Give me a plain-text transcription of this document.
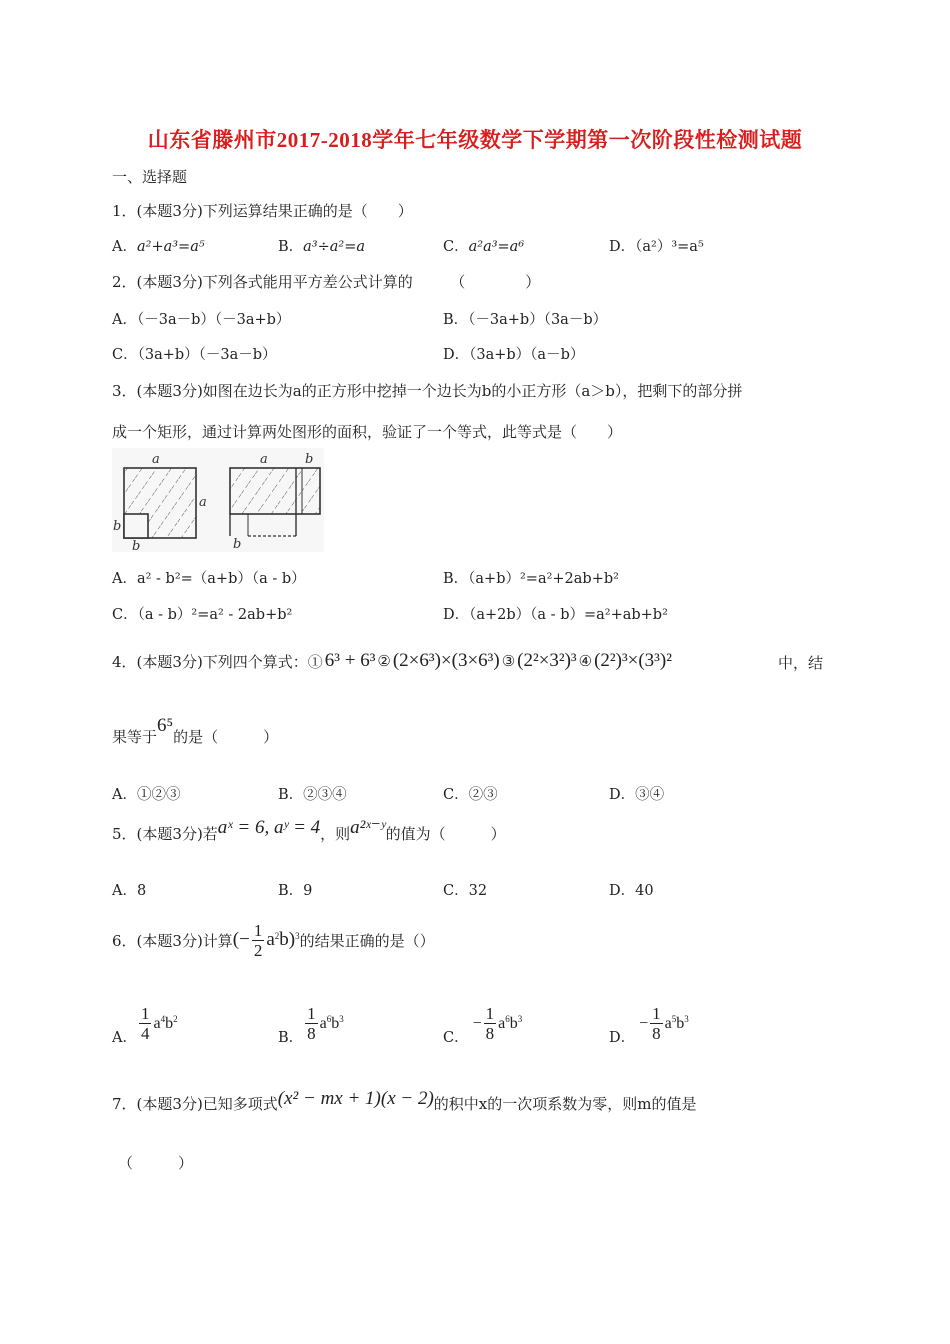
山东省滕州市2017-2018学年七年级数学下学期第一次阶段性检测试题
一、选择题
1．(本题3分)下列运算结果正确的是（　　）
A．a²+a³=a⁵	B．a³÷a²=a	C．a²a³=a⁶	D．（a²）³=a⁵
2．(本题3分)下列各式能用平方差公式计算的　　　（　　　　）
A．（－3a－b）（－3a+b）	B．（－3a+b）（3a－b）
C．（3a+b）（－3a－b）	D．（3a+b）（a－b）
3．(本题3分)如图在边长为a的正方形中挖掉一个边长为b的小正方形（a＞b），把剩下的部分拼
成一个矩形，通过计算两处图形的面积，验证了一个等式，此等式是（　　）
a
a
b
b
a	b
b
A．a² - b²=（a+b）（a - b）	B．（a+b）²=a²+2ab+b²
C．（a - b）²=a² - 2ab+b²	D．（a+2b）（a - b）=a²+ab+b²
4．(本题3分)下列四个算式：① 6³ + 6³ ② (2×6³)×(3×6³) ③ (2²×3²)³ ④ (2²)³×(3³)²	中，结
果等于
6⁵
的是（　　　）
A．①②③	B．②③④	C．②③	D．③④
5．(本题3分)若 aˣ = 6, aʸ = 4 ，则 a²ˣ⁻ʸ 的值为（　　　）
A．8	B．9	C．32	D．40
6．(本题3分)计算 (− $\frac{1}{2} a^2b)^3$ 的结果正确的是（）
A． $\frac{1}{4} a^4b^2$
B． $\frac{1}{8} a^6b^3$
C．
− $\frac{1}{8} a^6b^3$
D．
− $\frac{1}{8} a^5b^3$
7．(本题3分)已知多项式 (x² − mx + 1)(x − 2) 的积中x的一次项系数为零，则m的值是
（　　　）
